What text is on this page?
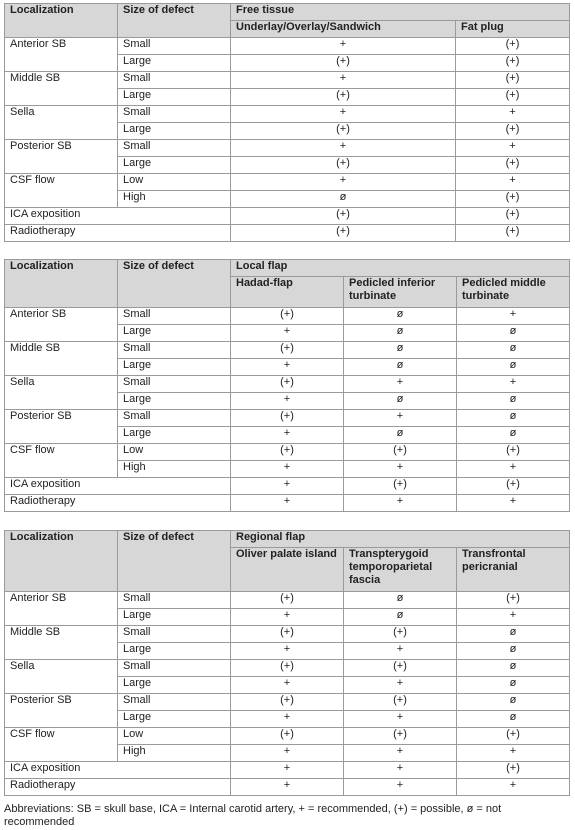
Localization	Size of defect	Free tissue	
		Underlay/Overlay/Sandwich	Fat plug
Anterior SB	Small	+	(+)
	Large	(+)	(+)
Middle SB	Small	+	(+)
	Large	(+)	(+)
Sella	Small	+	+
	Large	(+)	(+)
Posterior SB	Small	+	+
	Large	(+)	(+)
CSF flow	Low	+	+
	High	ø	(+)
ICA exposition		(+)	(+)
Radiotherapy		(+)	(+)
Localization	Size of defect	Local flap		
		Hadad-flap	Pedicled inferior turbinate	Pedicled middle turbinate
Anterior SB	Small	(+)	ø	+
	Large	+	ø	ø
Middle SB	Small	(+)	ø	ø
	Large	+	ø	ø
Sella	Small	(+)	+	+
	Large	+	ø	ø
Posterior SB	Small	(+)	+	ø
	Large	+	ø	ø
CSF flow	Low	(+)	(+)	(+)
	High	+	+	+
ICA exposition		+	(+)	(+)
Radiotherapy		+	+	+
Localization	Size of defect	Regional flap		
		Oliver palate island	Transpterygoid temporoparietal fascia	Transfrontal pericranial
Anterior SB	Small	(+)	ø	(+)
	Large	+	ø	+
Middle SB	Small	(+)	(+)	ø
	Large	+	+	ø
Sella	Small	(+)	(+)	ø
	Large	+	+	ø
Posterior SB	Small	(+)	(+)	ø
	Large	+	+	ø
CSF flow	Low	(+)	(+)	(+)
	High	+	+	+
ICA exposition		+	+	(+)
Radiotherapy		+	+	+
Abbreviations: SB = skull base, ICA = Internal carotid artery, + = recommended, (+) = possible, ø = not recommended
